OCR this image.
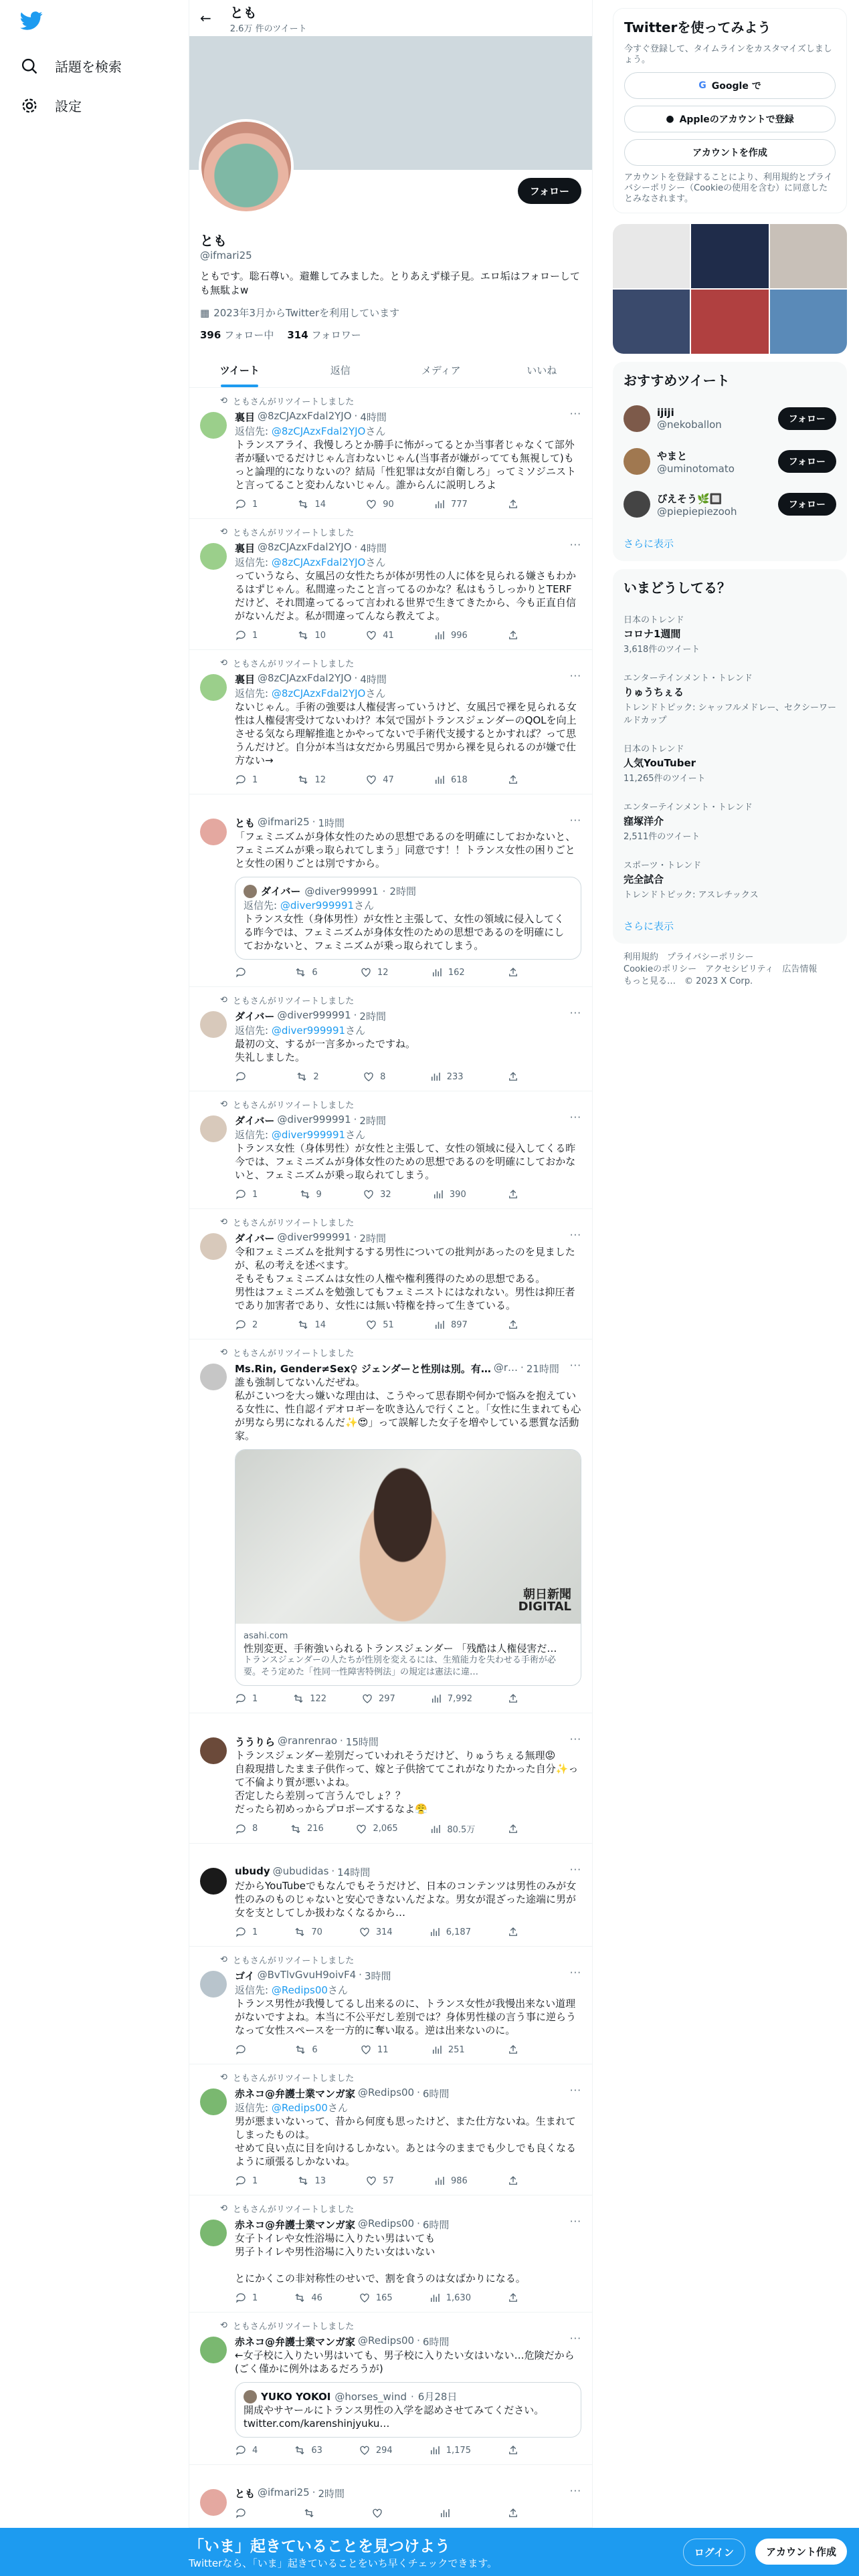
話題を検索
設定
← とも
2.6万 件のツイート
フォロー
とも
@ifmari25
ともです。聡石尊い。避難してみました。とりあえず様子見。エロ垢はフォローしても無駄よw
▦ 2023年3月からTwitterを利用しています
396 フォロー中 314 フォロワー
ツイート	返信	メディア	いいね
⟲ ともさんがリツイートしました
裏目 @8zCJAzxFdal2YJO · 4時間
返信先: @8zCJAzxFdal2YJOさん
トランスアライ、我慢しろとか勝手に怖がってるとか当事者じゃなくて部外者が騒いでるだけじゃん言わないじゃん(当事者が嫌がってても無視して)もっと論理的になりないの？結局「性犯罪は女が自衛しろ」ってミソジニストと言ってること変わんないじゃん。誰からんに説明しろよ
1	14	90	777
···
⟲ ともさんがリツイートしました
裏目 @8zCJAzxFdal2YJO · 4時間
返信先: @8zCJAzxFdal2YJOさん
っていうなら、女風呂の女性たちが体が男性の人に体を見られる嫌さもわかるはずじゃん。私間違ったこと言ってるのかな？私はもうしっかりとTERFだけど、それ間違ってるって言われる世界で生きてきたから、今も正直自信がないんだよ。私が間違ってんなら教えてよ。
1	10	41	996
···
⟲ ともさんがリツイートしました
裏目 @8zCJAzxFdal2YJO · 4時間
返信先: @8zCJAzxFdal2YJOさん
ないじゃん。手術の強要は人権侵害っていうけど、女風呂で裸を見られる女性は人権侵害受けてないわけ？本気で国がトランスジェンダーのQOLを向上させる気なら理解推進とかやってないで手術代支援するとかすれば？って思うんだけど。自分が本当は女だから男風呂で男から裸を見られるのが嫌で仕方ない→
1	12	47	618
···
とも @ifmari25 · 1時間
「フェミニズムが身体女性のための思想であるのを明確にしておかないと、フェミニズムが乗っ取られてしまう」同意です！！トランス女性の困りごとと女性の困りごとは別ですから。
ダイバー @diver999991 · 2時間
返信先: @diver999991さん
トランス女性（身体男性）が女性と主張して、女性の領域に侵入してくる昨今では、フェミニズムが身体女性のための思想であるのを明確にしておかないと、フェミニズムが乗っ取られてしまう。
6	12	162
···
⟲ ともさんがリツイートしました
ダイバー @diver999991 · 2時間
返信先: @diver999991さん
最初の文、するが一言多かったですね。
失礼しました。
2	8	233
···
⟲ ともさんがリツイートしました
ダイバー @diver999991 · 2時間
返信先: @diver999991さん
トランス女性（身体男性）が女性と主張して、女性の領域に侵入してくる昨今では、フェミニズムが身体女性のための思想であるのを明確にしておかないと、フェミニズムが乗っ取られてしまう。
1	9	32	390
···
⟲ ともさんがリツイートしました
ダイバー @diver999991 · 2時間
令和フェミニズムを批判するする男性についての批判があったのを見ましたが、私の考えを述べます。
そもそもフェミニズムは女性の人権や権利獲得のための思想である。
男性はフェミニズムを勉強してもフェミニストにはなれない。男性は抑圧者であり加害者であり、女性には無い特権を持って生きている。
2	14	51	897
···
⟲ ともさんがリツイートしました
Ms.Rin, Gender≠Sex♀ ジェンダーと性別は別。有… @r… · 21時間
誰も強制してないんだぜね。
私がこいつを大っ嫌いな理由は、こうやって思春期や何かで悩みを抱えている女性に、性自認イデオロギーを吹き込んで行くこと。「女性に生まれても心が男なら男になれるんだ✨😍」って誤解した女子を増やしている悪質な活動家。
朝日新聞
DIGITAL
asahi.com
性別変更、手術強いられるトランスジェンダー 「残酷は人権侵害だ…
トランスジェンダーの人たちが性別を変えるには、生殖能力を失わせる手術が必要。そう定めた「性同一性障害特例法」の規定は憲法に違…
1	122	297	7,992
···
ううりら @ranrenrao · 15時間
トランスジェンダー差別だっていわれそうだけど、りゅうちぇる無理😡
自殺現措したまま子供作って、嫁と子供捨ててこれがなりたかった自分✨って不倫より質が悪いよね。
否定したら差別って言うんでしょ？？
だったら初めっからプロポーズするなよ😤
8	216	2,065	80.5万
···
ubudy @ubudidas · 14時間
だからYouTubeでもなんでもそうだけど、日本のコンテンツは男性のみが女性のみのものじゃないと安心できないんだよな。男女が混ざった途端に男が女を支としてしか扱わなくなるから…
1	70	314	6,187
···
⟲ ともさんがリツイートしました
ゴイ @BvTlvGvuH9oivF4 · 3時間
返信先: @Redips00さん
トランス男性が我慢してるし出来るのに、トランス女性が我慢出来ない道理がないですよね。本当に不公平だし差別では？身体男性様の言う事に逆らうなって女性スペースを一方的に奪い取る。逆は出来ないのに。
6	11	251
···
⟲ ともさんがリツイートしました
赤ネコ@弁護士業マンガ家 @Redips00 · 6時間
返信先: @Redips00さん
男が悪まいないって、昔から何度も思ったけど、また仕方ないね。生まれてしまったものは。
せめて良い点に目を向けるしかない。あとは今のままでも少しでも良くなるように頑張るしかないね。
1	13	57	986
···
⟲ ともさんがリツイートしました
赤ネコ@弁護士業マンガ家 @Redips00 · 6時間
女子トイレや女性浴場に入りたい男はいても
男子トイレや男性浴場に入りたい女はいない

とにかくこの非対称性のせいで、割を食うのは女ばかりになる。
1	46	165	1,630
···
⟲ ともさんがリツイートしました
赤ネコ@弁護士業マンガ家 @Redips00 · 6時間
←女子校に入りたい男はいても、男子校に入りたい女はいない…危険だから(ごく僅かに例外はあるだろうが)
YUKO YOKOI @horses_wind · 6月28日
開成やサヤールにトランス男性の入学を認めさせてみてください。
twitter.com/karenshinjyuku…
4	63	294	1,175
···
とも @ifmari25 · 2時間	···
Twitterを使ってみよう
今すぐ登録して、タイムラインをカスタマイズしましょう。
G Google で
● Appleのアカウントで登録
アカウントを作成
アカウントを登録することにより、利用規約とプライバシーポリシー（Cookieの使用を含む）に同意したとみなされます。
おすすめツイート
ijiji
@nekoballon	フォロー
やまと
@uminotomato
フォロー
ぴえそう🌿🔲
@piepiepiezooh
フォロー
さらに表示
いまどうしてる？
日本のトレンド
コロナ1週間
3,618件のツイート
エンターテインメント・トレンド
りゅうちぇる
トレンドトピック: シャッフルメドレー、セクシーワールドカップ
日本のトレンド
人気YouTuber
11,265件のツイート
エンターテインメント・トレンド
窪塚洋介
2,511件のツイート
スポーツ・トレンド
完全試合
トレンドトピック: アスレチックス
さらに表示
利用規約　プライバシーポリシー
Cookieのポリシー　アクセシビリティ　広告情報
もっと見る…　© 2023 X Corp.
「いま」起きていることを見つけよう
Twitterなら、「いま」起きていることをいち早くチェックできます。
ログイン	アカウント作成
